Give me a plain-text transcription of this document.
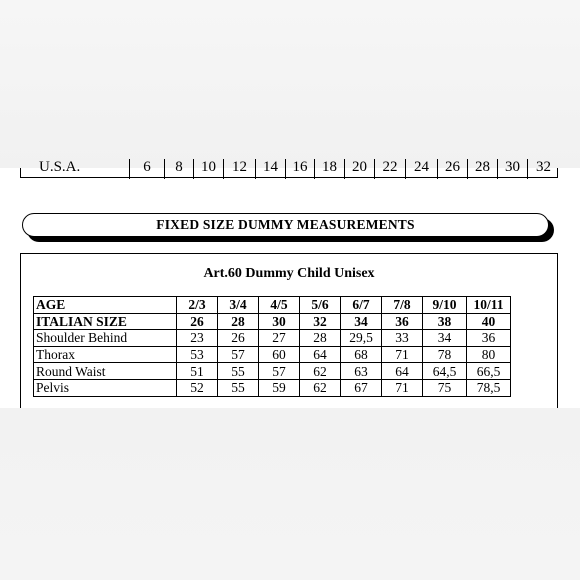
U.S.A.	6	8	10	12	14 16 18	20	22	24	26	28	30	32
FIXED SIZE DUMMY MEASUREMENTS
Art.60 Dummy Child Unisex
AGE	2/3	3/4	4/5	5/6	6/7	7/8	9/10	10/11
ITALIAN SIZE	26	28	30	32	34	36	38	40
Shoulder Behind	23	26	27	28	29,5	33	34	36
Thorax	53	57	60	64	68	71	78	80
Round Waist	51	55	57	62	63	64	64,5	66,5
Pelvis	52	55	59	62	67	71	75	78,5
